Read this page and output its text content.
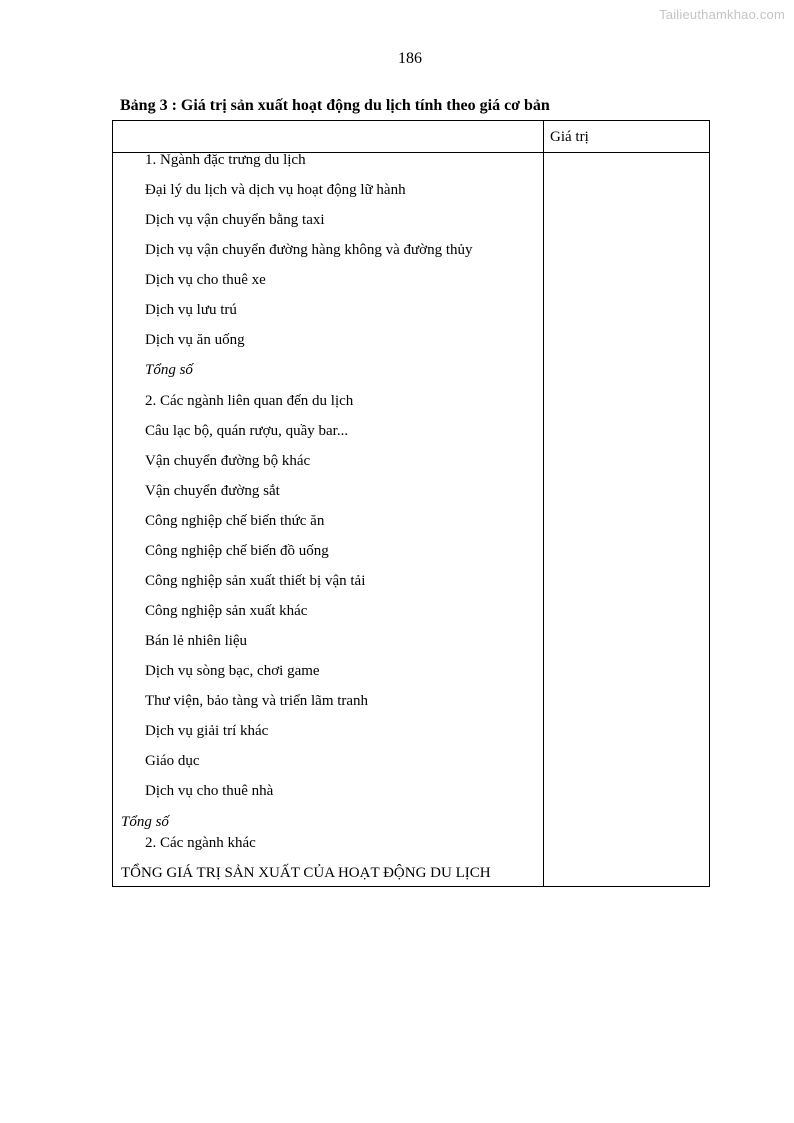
Tailieuthamkhao.com
186
Bảng 3 : Giá trị sản xuất hoạt động du lịch tính theo giá cơ bản
Giá trị
1. Ngành đặc trưng du lịch
Đại lý du lịch và dịch vụ hoạt động lữ hành
Dịch vụ vận chuyển bằng taxi
Dịch vụ vận chuyển đường hàng không và đường thủy
Dịch vụ cho thuê xe
Dịch vụ lưu trú
Dịch vụ ăn uống
Tổng số
2. Các ngành liên quan đến du lịch
Câu lạc bộ, quán rượu, quầy bar...
Vận chuyển đường bộ khác
Vận chuyển đường sắt
Công nghiệp chế biến thức ăn
Công nghiệp chế biến đồ uống
Công nghiệp sản xuất thiết bị vận tải
Công nghiệp sản xuất khác
Bán lẻ nhiên liệu
Dịch vụ sòng bạc, chơi game
Thư viện, bảo tàng và triển lãm tranh
Dịch vụ giải trí khác
Giáo dục
Dịch vụ cho thuê nhà
Tổng số
2. Các ngành khác
TỔNG GIÁ TRỊ SẢN XUẤT CỦA HOẠT ĐỘNG DU LỊCH
